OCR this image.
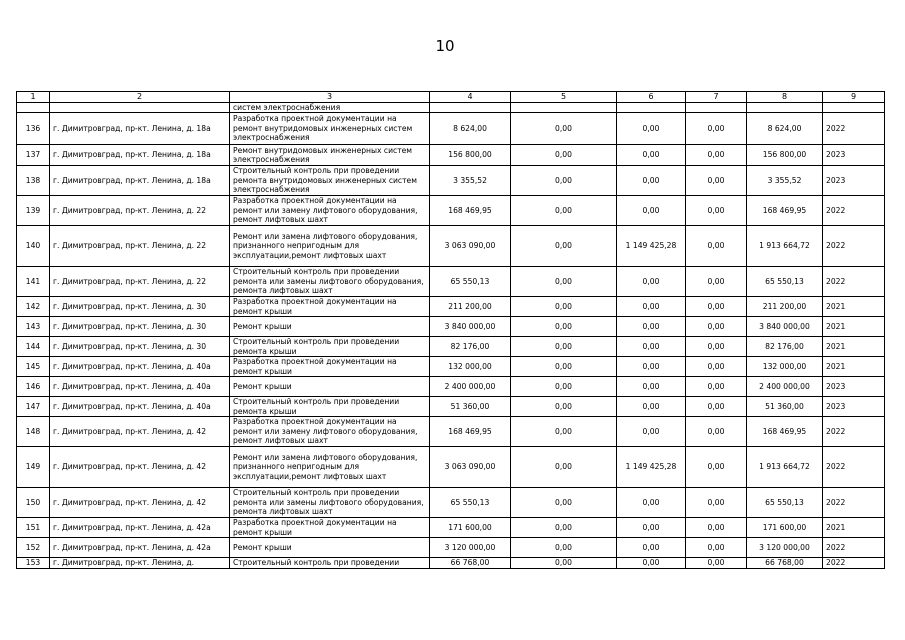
10
1	2	3	4	5	6	7	8	9
		систем электроснабжения						
136	г. Димитровград, пр-кт. Ленина, д. 18а	Разработка проектной документации на ремонт внутридомовых инженерных систем электроснабжения	8 624,00	0,00	0,00	0,00	8 624,00	2022
137	г. Димитровград, пр-кт. Ленина, д. 18а	Ремонт внутридомовых инженерных систем электроснабжения	156 800,00	0,00	0,00	0,00	156 800,00	2023
138	г. Димитровград, пр-кт. Ленина, д. 18а	Строительный контроль при проведении ремонта внутридомовых инженерных систем электроснабжения	3 355,52	0,00	0,00	0,00	3 355,52	2023
139	г. Димитровград, пр-кт. Ленина, д. 22	Разработка проектной документации на ремонт или замену лифтового оборудования, ремонт лифтовых шахт	168 469,95	0,00	0,00	0,00	168 469,95	2022
140	г. Димитровград, пр-кт. Ленина, д. 22	Ремонт или замена лифтового оборудования, признанного непригодным для эксплуатации,ремонт лифтовых шахт	3 063 090,00	0,00	1 149 425,28	0,00	1 913 664,72	2022
141	г. Димитровград, пр-кт. Ленина, д. 22	Строительный контроль при проведении ремонта или замены лифтового оборудования, ремонта лифтовых шахт	65 550,13	0,00	0,00	0,00	65 550,13	2022
142	г. Димитровград, пр-кт. Ленина, д. 30	Разработка проектной документации на ремонт крыши	211 200,00	0,00	0,00	0,00	211 200,00	2021
143	г. Димитровград, пр-кт. Ленина, д. 30	Ремонт крыши	3 840 000,00	0,00	0,00	0,00	3 840 000,00	2021
144	г. Димитровград, пр-кт. Ленина, д. 30	Строительный контроль при проведении ремонта крыши	82 176,00	0,00	0,00	0,00	82 176,00	2021
145	г. Димитровград, пр-кт. Ленина, д. 40а	Разработка проектной документации на ремонт крыши	132 000,00	0,00	0,00	0,00	132 000,00	2021
146	г. Димитровград, пр-кт. Ленина, д. 40а	Ремонт крыши	2 400 000,00	0,00	0,00	0,00	2 400 000,00	2023
147	г. Димитровград, пр-кт. Ленина, д. 40а	Строительный контроль при проведении ремонта крыши	51 360,00	0,00	0,00	0,00	51 360,00	2023
148	г. Димитровград, пр-кт. Ленина, д. 42	Разработка проектной документации на ремонт или замену лифтового оборудования, ремонт лифтовых шахт	168 469,95	0,00	0,00	0,00	168 469,95	2022
149	г. Димитровград, пр-кт. Ленина, д. 42	Ремонт или замена лифтового оборудования, признанного непригодным для эксплуатации,ремонт лифтовых шахт	3 063 090,00	0,00	1 149 425,28	0,00	1 913 664,72	2022
150	г. Димитровград, пр-кт. Ленина, д. 42	Строительный контроль при проведении ремонта или замены лифтового оборудования, ремонта лифтовых шахт	65 550,13	0,00	0,00	0,00	65 550,13	2022
151	г. Димитровград, пр-кт. Ленина, д. 42а	Разработка проектной документации на ремонт крыши	171 600,00	0,00	0,00	0,00	171 600,00	2021
152	г. Димитровград, пр-кт. Ленина, д. 42а	Ремонт крыши	3 120 000,00	0,00	0,00	0,00	3 120 000,00	2022
153	г. Димитровград, пр-кт. Ленина, д.	Строительный контроль при проведении	66 768,00	0,00	0,00	0,00	66 768,00	2022
